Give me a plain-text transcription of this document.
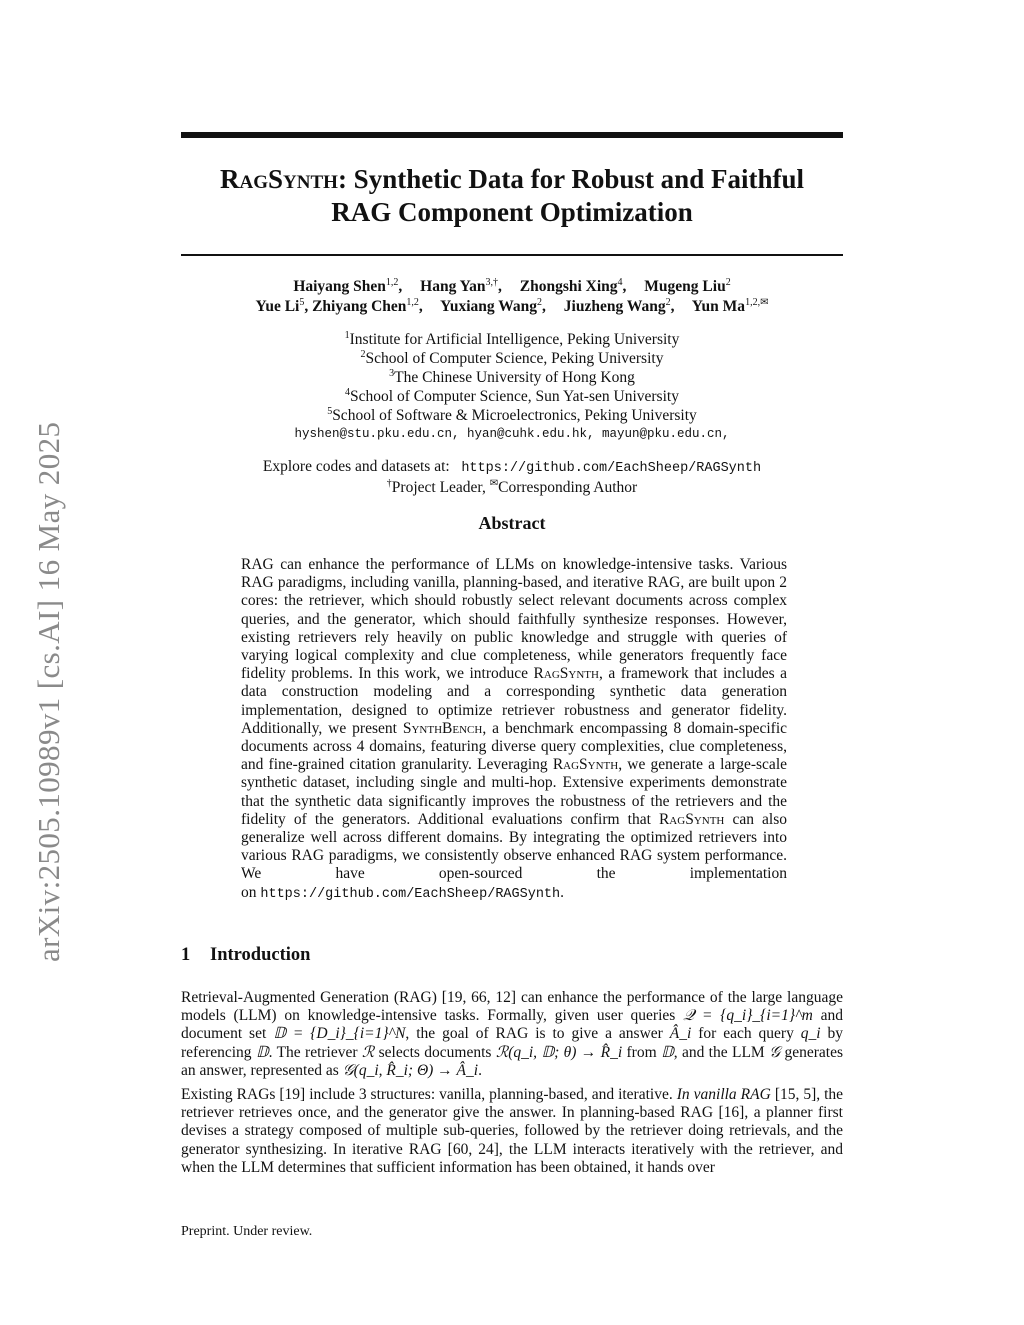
arXiv:2505.10989v1 [cs.AI] 16 May 2025
RagSynth: Synthetic Data for Robust and Faithful
RAG Component Optimization
Haiyang Shen$^{1,2}$, Hang Yan$^{3,\dagger}$, Zhongshi Xing$^4$, Mugeng Liu$^2$
Yue Li$^5$, Zhiyang Chen$^{1,2}$, Yuxiang Wang$^2$, Jiuzheng Wang$^2$, Yun $Ma^{1,2,✉}$
$^1$Institute for Artificial Intelligence, Peking University
$^2$School of Computer Science, Peking University
$^3$The Chinese University of Hong Kong
$^4$School of Computer Science, Sun Yat-sen University
$^5$School of Software & Microelectronics, Peking University
hyshen@stu.pku.edu.cn, hyan@cuhk.edu.hk, mayun@pku.edu.cn,
Explore codes and datasets at: https://github.com/EachSheep/RAGSynth
†Project Leader, ✉Corresponding Author
Abstract
RAG can enhance the performance of LLMs on knowledge-intensive tasks. Various RAG paradigms, including vanilla, planning-based, and iterative RAG, are built upon 2 cores: the retriever, which should robustly select relevant documents across complex queries, and the generator, which should faithfully synthesize responses. However, existing retrievers rely heavily on public knowledge and struggle with queries of varying logical complexity and clue completeness, while generators frequently face fidelity problems. In this work, we introduce RagSynth, a framework that includes a data construction modeling and a corresponding synthetic data generation implementation, designed to optimize retriever robustness and generator fidelity. Additionally, we present SynthBench, a benchmark encompassing 8 domain-specific documents across 4 domains, featuring diverse query complexities, clue completeness, and fine-grained citation granularity. Leveraging RagSynth, we generate a large-scale synthetic dataset, including single and multi-hop. Extensive experiments demonstrate that the synthetic data significantly improves the robustness of the retrievers and the fidelity of the generators. Additional evaluations confirm that RagSynth can also generalize well across different domains. By integrating the optimized retrievers into various RAG paradigms, we consistently observe enhanced RAG system performance. We have open-sourced the implementation on https://github.com/EachSheep/RAGSynth.
1 Introduction

Retrieval-Augmented Generation (RAG) [19, 66, 12] can enhance the performance of the large language models (LLM) on knowledge-intensive tasks. Formally, given user queries 𝒬 = {q_i}_{i=1}^m and document set 𝔻 = {D_i}_{i=1}^N, the goal of RAG is to give a answer Â_i for each query q_i by referencing 𝔻. The retriever ℛ selects documents ℛ(q_i, 𝔻; θ) → R̂_i from 𝔻, and the LLM 𝒢 generates an answer, represented as 𝒢(q_i, R̂_i; Θ) → Â_i.

Existing RAGs [19] include 3 structures: vanilla, planning-based, and iterative. In vanilla RAG [15, 5], the retriever retrieves once, and the generator give the answer. In planning-based RAG [16], a planner first devises a strategy composed of multiple sub-queries, followed by the retriever doing retrievals, and the generator synthesizing. In iterative RAG [60, 24], the LLM interacts iteratively with the retriever, and when the LLM determines that sufficient information has been obtained, it hands over

Preprint. Under review.
